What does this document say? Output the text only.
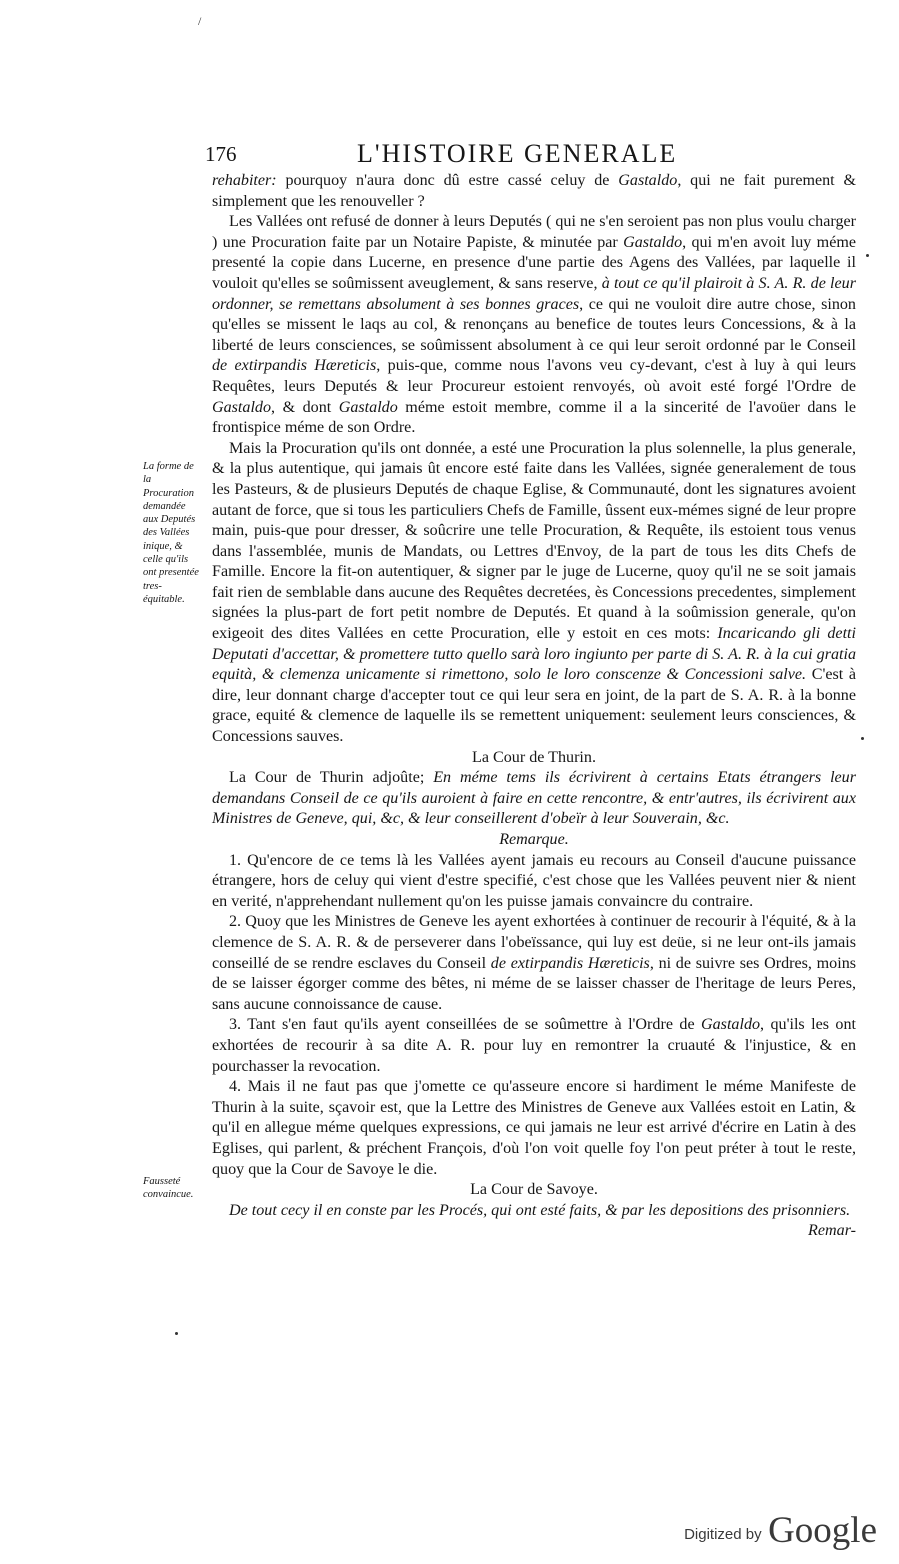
/
176	L'HISTOIRE GENERALE
La forme de la Procuration demandée aux Deputés des Vallées inique, & celle qu'ils ont presentée tres-équitable.
Fausseté convaincue.

rehabiter: pourquoy n'aura donc dû estre cassé celuy de Gastaldo, qui ne fait purement & simplement que les renouveller ?

Les Vallées ont refusé de donner à leurs Deputés ( qui ne s'en seroient pas non plus voulu charger ) une Procuration faite par un Notaire Papiste, & minutée par Gastaldo, qui m'en avoit luy méme presenté la copie dans Lucerne, en presence d'une partie des Agens des Vallées, par laquelle il vouloit qu'elles se soûmissent aveuglement, & sans reserve, à tout ce qu'il plairoit à S. A. R. de leur ordonner, se remettans absolument à ses bonnes graces, ce qui ne vouloit dire autre chose, sinon qu'elles se missent le laqs au col, & renonçans au benefice de toutes leurs Concessions, & à la liberté de leurs consciences, se soûmissent absolument à ce qui leur seroit ordonné par le Conseil de extirpandis Hæreticis, puis-que, comme nous l'avons veu cy-devant, c'est à luy à qui leurs Requêtes, leurs Deputés & leur Procureur estoient renvoyés, où avoit esté forgé l'Ordre de Gastaldo, & dont Gastaldo méme estoit membre, comme il a la sincerité de l'avoüer dans le frontispice méme de son Ordre.

Mais la Procuration qu'ils ont donnée, a esté une Procuration la plus solennelle, la plus generale, & la plus autentique, qui jamais ût encore esté faite dans les Vallées, signée generalement de tous les Pasteurs, & de plusieurs Deputés de chaque Eglise, & Communauté, dont les signatures avoient autant de force, que si tous les particuliers Chefs de Famille, ûssent eux-mémes signé de leur propre main, puis-que pour dresser, & soûcrire une telle Procuration, & Requête, ils estoient tous venus dans l'assemblée, munis de Mandats, ou Lettres d'Envoy, de la part de tous les dits Chefs de Famille. Encore la fit-on autentiquer, & signer par le juge de Lucerne, quoy qu'il ne se soit jamais fait rien de semblable dans aucune des Requêtes decretées, ès Concessions precedentes, simplement signées la plus-part de fort petit nombre de Deputés. Et quand à la soûmission generale, qu'on exigeoit des dites Vallées en cette Procuration, elle y estoit en ces mots: Incaricando gli detti Deputati d'accettar, & promettere tutto quello sarà loro ingiunto per parte di S. A. R. à la cui gratia equità, & clemenza unicamente si rimettono, solo le loro conscenze & Concessioni salve. C'est à dire, leur donnant charge d'accepter tout ce qui leur sera en joint, de la part de S. A. R. à la bonne grace, equité & clemence de laquelle ils se remettent uniquement: seulement leurs consciences, & Concessions sauves.

La Cour de Thurin.

La Cour de Thurin adjoûte; En méme tems ils écrivirent à certains Etats étrangers leur demandans Conseil de ce qu'ils auroient à faire en cette rencontre, & entr'autres, ils écrivirent aux Ministres de Geneve, qui, &c, & leur conseillerent d'obeïr à leur Souverain, &c.

Remarque.

1. Qu'encore de ce tems là les Vallées ayent jamais eu recours au Conseil d'aucune puissance étrangere, hors de celuy qui vient d'estre specifié, c'est chose que les Vallées peuvent nier & nient en verité, n'apprehendant nullement qu'on les puisse jamais convaincre du contraire.

2. Quoy que les Ministres de Geneve les ayent exhortées à continuer de recourir à l'équité, & à la clemence de S. A. R. & de perseverer dans l'obeïssance, qui luy est deüe, si ne leur ont-ils jamais conseillé de se rendre esclaves du Conseil de extirpandis Hæreticis, ni de suivre ses Ordres, moins de se laisser égorger comme des bêtes, ni méme de se laisser chasser de l'heritage de leurs Peres, sans aucune connoissance de cause.

3. Tant s'en faut qu'ils ayent conseillées de se soûmettre à l'Ordre de Gastaldo, qu'ils les ont exhortées de recourir à sa dite A. R. pour luy en remontrer la cruauté & l'injustice, & en pourchasser la revocation.

4. Mais il ne faut pas que j'omette ce qu'asseure encore si hardiment le méme Manifeste de Thurin à la suite, sçavoir est, que la Lettre des Ministres de Geneve aux Vallées estoit en Latin, & qu'il en allegue méme quelques expressions, ce qui jamais ne leur est arrivé d'écrire en Latin à des Eglises, qui parlent, & préchent François, d'où l'on voit quelle foy l'on peut préter à tout le reste, quoy que la Cour de Savoye le die.

La Cour de Savoye.

De tout cecy il en conste par les Procés, qui ont esté faits, & par les depositions des prisonniers.

Remar-

Digitized by Google
